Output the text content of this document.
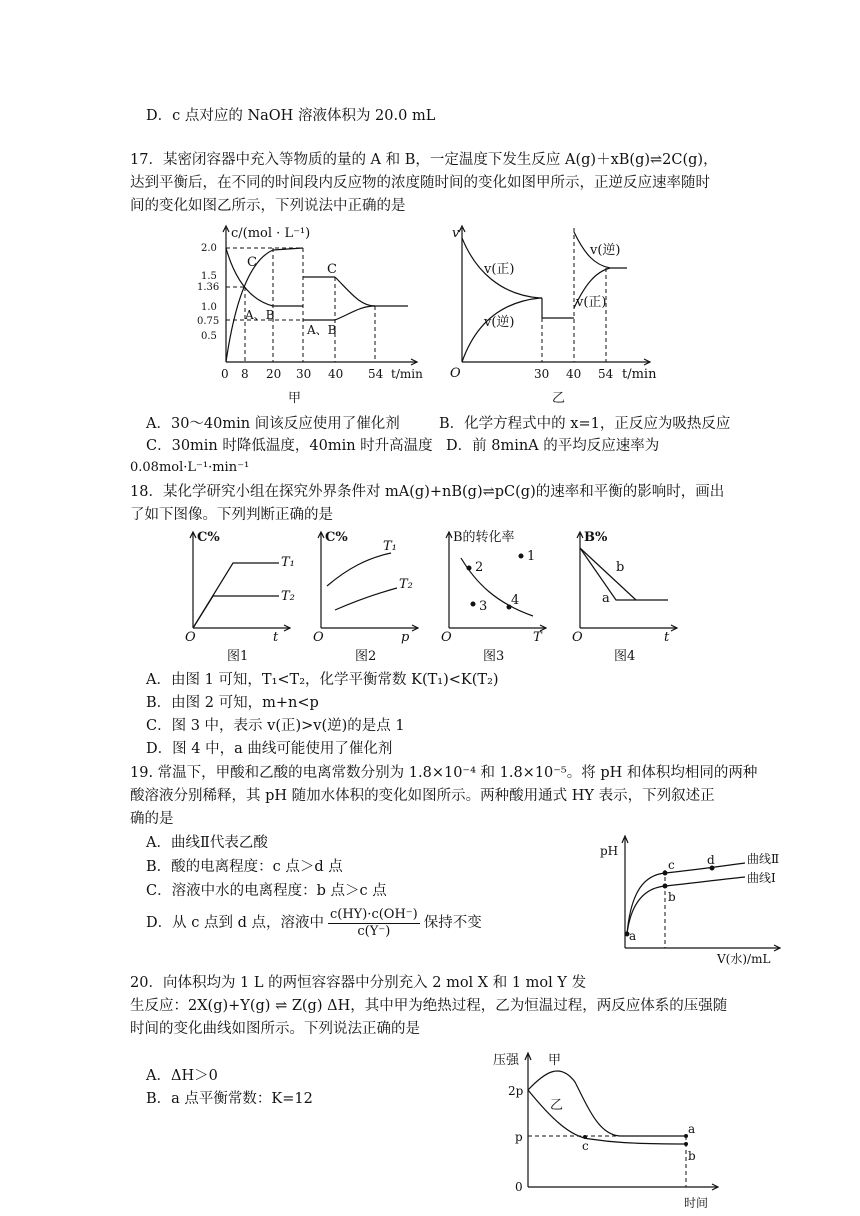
D．c 点对应的 NaOH 溶液体积为 20.0 mL
17．某密闭容器中充入等物质的量的 A 和 B，一定温度下发生反应 A(g)＋xB(g)⇌2C(g)，
达到平衡后，在不同的时间段内反应物的浓度随时间的变化如图甲所示，正逆反应速率随时
间的变化如图乙所示，下列说法中正确的是
c/(mol · L⁻¹)
2.0
1.5
1.36
1.0
0.75
0.5
C
A、B
C
A、B
0 8 20 30 40 54 t/min
甲
v
O
v(正)
v(逆)
v(逆)
v(正)
30 40 54 t/min
乙
A．30～40min 间该反应使用了催化剂	B．化学方程式中的 x=1，正反应为吸热反应
C．30min 时降低温度，40min 时升高温度 D．前 8minA 的平均反应速率为
0.08mol·L⁻¹·min⁻¹
18．某化学研究小组在探究外界条件对 mA(g)+nB(g)⇌pC(g)的速率和平衡的影响时，画出
了如下图像。下列判断正确的是
C%
O	t
T₁
T₂
图1
C%
O	p
T₁
T₂
图2
B的转化率
O	T
1
2
3 4
图3
B%
O	t
a
b
图4
A．由图 1 可知，T₁<T₂，化学平衡常数 K(T₁)<K(T₂)
B．由图 2 可知，m+n<p
C．图 3 中，表示 v(正)>v(逆)的是点 1
D．图 4 中，a 曲线可能使用了催化剂
19. 常温下，甲酸和乙酸的电离常数分别为 1.8×10⁻⁴ 和 1.8×10⁻⁵。将 pH 和体积均相同的两种
酸溶液分别稀释，其 pH 随加水体积的变化如图所示。两种酸用通式 HY 表示，下列叙述正
确的是
A．曲线Ⅱ代表乙酸
B．酸的电离程度：c 点＞d 点
C．溶液中水的电离程度：b 点＞c 点
D．从 c 点到 d 点，溶液中 $\frac{c(HY)\cdot c(OH^-)}{c(Y^-)}$ 保持不变
pH
V(水)/mL
a
c
b
d	曲线Ⅱ
曲线Ⅰ
20．向体积均为 1 L 的两恒容容器中分别充入 2 mol X 和 1 mol Y 发
生反应：2X(g)+Y(g) ⇌ Z(g) ΔH，其中甲为绝热过程，乙为恒温过程，两反应体系的压强随
时间的变化曲线如图所示。下列说法正确的是
A．ΔH＞0
B．a 点平衡常数：K=12
压强 甲
2p
p
0
时间
乙
a
c
b
